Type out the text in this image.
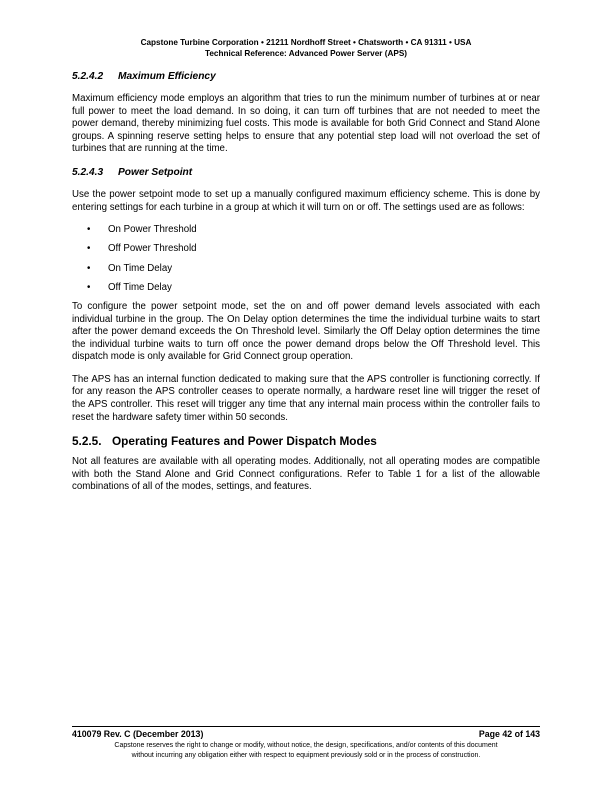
Capstone Turbine Corporation • 21211 Nordhoff Street • Chatsworth • CA 91311 • USA
Technical Reference: Advanced Power Server (APS)
5.2.4.2 Maximum Efficiency

Maximum efficiency mode employs an algorithm that tries to run the minimum number of turbines at or near full power to meet the load demand. In so doing, it can turn off turbines that are not needed to meet the power demand, thereby minimizing fuel costs. This mode is available for both Grid Connect and Stand Alone groups. A spinning reserve setting helps to ensure that any potential step load will not overload the set of turbines that are running at the time.

5.2.4.3 Power Setpoint

Use the power setpoint mode to set up a manually configured maximum efficiency scheme. This is done by entering settings for each turbine in a group at which it will turn on or off. The settings used are as follows:

• On Power Threshold
• Off Power Threshold
• On Time Delay
• Off Time Delay

To configure the power setpoint mode, set the on and off power demand levels associated with each individual turbine in the group. The On Delay option determines the time the individual turbine waits to start after the power demand exceeds the On Threshold level. Similarly the Off Delay option determines the time the individual turbine waits to turn off once the power demand drops below the Off Threshold level. This dispatch mode is only available for Grid Connect group operation.

The APS has an internal function dedicated to making sure that the APS controller is functioning correctly. If for any reason the APS controller ceases to operate normally, a hardware reset line will trigger the reset of the APS controller. This reset will trigger any time that any internal main process within the controller fails to reset the hardware safety timer within 50 seconds.

5.2.5. Operating Features and Power Dispatch Modes

Not all features are available with all operating modes. Additionally, not all operating modes are compatible with both the Stand Alone and Grid Connect configurations. Refer to Table 1 for a list of the allowable combinations of all of the modes, settings, and features.

410079 Rev. C (December 2013)	Page 42 of 143
Capstone reserves the right to change or modify, without notice, the design, specifications, and/or contents of this document
without incurring any obligation either with respect to equipment previously sold or in the process of construction.
